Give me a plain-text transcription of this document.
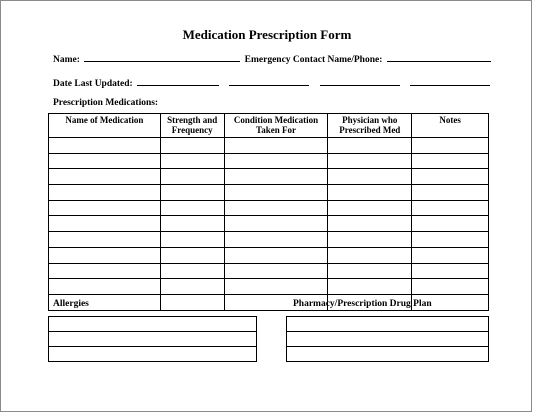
Medication Prescription Form
Name:	Emergency Contact Name/Phone:
Date Last Updated:
Prescription Medications:
Name of Medication	Strength and Frequency	Condition Medication Taken For	Physician who Prescribed Med	Notes

Allergies	Pharmacy/Prescription Drug Plan
